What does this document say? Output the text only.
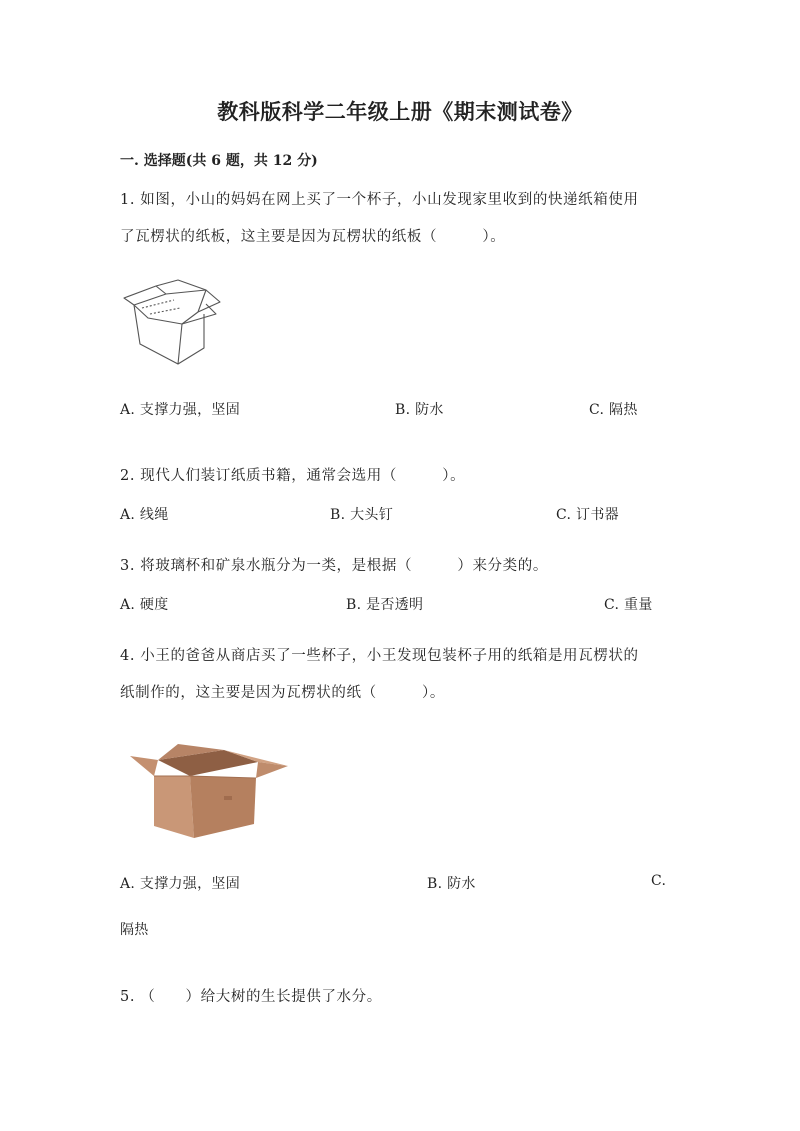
教科版科学二年级上册《期末测试卷》
一. 选择题(共 6 题，共 12 分)
1. 如图，小山的妈妈在网上买了一个杯子，小山发现家里收到的快递纸箱使用
了瓦楞状的纸板，这主要是因为瓦楞状的纸板（　　　）。
A. 支撑力强，坚固	B. 防水	C. 隔热
2. 现代人们装订纸质书籍，通常会选用（　　　）。
A. 线绳	B. 大头钉	C. 订书器
3. 将玻璃杯和矿泉水瓶分为一类，是根据（　　　）来分类的。
A. 硬度	B. 是否透明	C. 重量
4. 小王的爸爸从商店买了一些杯子，小王发现包装杯子用的纸箱是用瓦楞状的
纸制作的，这主要是因为瓦楞状的纸（　　　）。
A. 支撑力强，坚固	B. 防水	C.
隔热
5. （　　）给大树的生长提供了水分。
